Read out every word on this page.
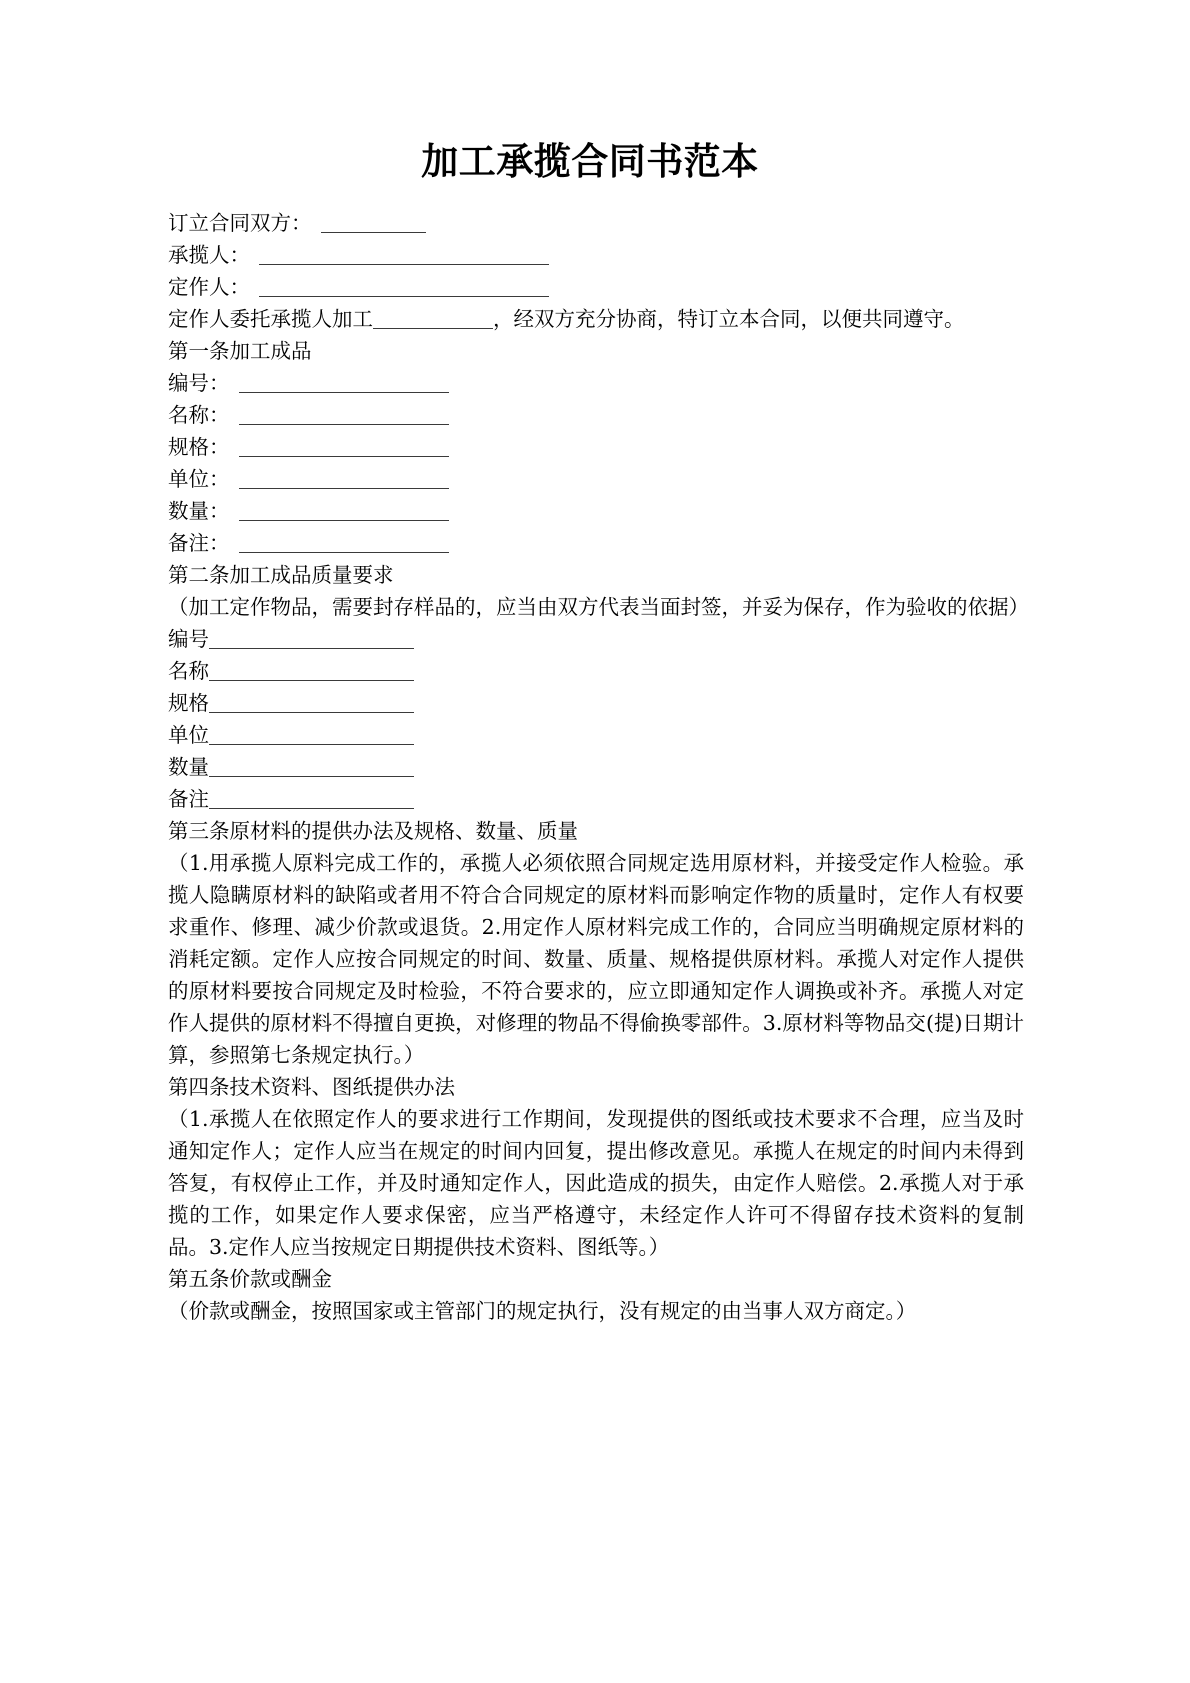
加工承揽合同书范本
订立合同双方：
承揽人：
定作人：
定作人委托承揽人加工	，经双方充分协商，特订立本合同，以便共同遵守。
第一条加工成品
编号：
名称：
规格：
单位：
数量：
备注：
第二条加工成品质量要求
（加工定作物品，需要封存样品的，应当由双方代表当面封签，并妥为保存，作为验收的依据）
编号
名称
规格
单位
数量
备注
第三条原材料的提供办法及规格、数量、质量
（1.用承揽人原料完成工作的，承揽人必须依照合同规定选用原材料，并接受定作人检验。承揽人隐瞒原材料的缺陷或者用不符合合同规定的原材料而影响定作物的质量时，定作人有权要求重作、修理、减少价款或退货。2.用定作人原材料完成工作的，合同应当明确规定原材料的消耗定额。定作人应按合同规定的时间、数量、质量、规格提供原材料。承揽人对定作人提供的原材料要按合同规定及时检验，不符合要求的，应立即通知定作人调换或补齐。承揽人对定作人提供的原材料不得擅自更换，对修理的物品不得偷换零部件。3.原材料等物品交(提)日期计算，参照第七条规定执行。）
第四条技术资料、图纸提供办法
（1.承揽人在依照定作人的要求进行工作期间，发现提供的图纸或技术要求不合理，应当及时通知定作人；定作人应当在规定的时间内回复，提出修改意见。承揽人在规定的时间内未得到答复，有权停止工作，并及时通知定作人，因此造成的损失，由定作人赔偿。2.承揽人对于承揽的工作，如果定作人要求保密，应当严格遵守，未经定作人许可不得留存技术资料的复制品。3.定作人应当按规定日期提供技术资料、图纸等。）
第五条价款或酬金
（价款或酬金，按照国家或主管部门的规定执行，没有规定的由当事人双方商定。）
